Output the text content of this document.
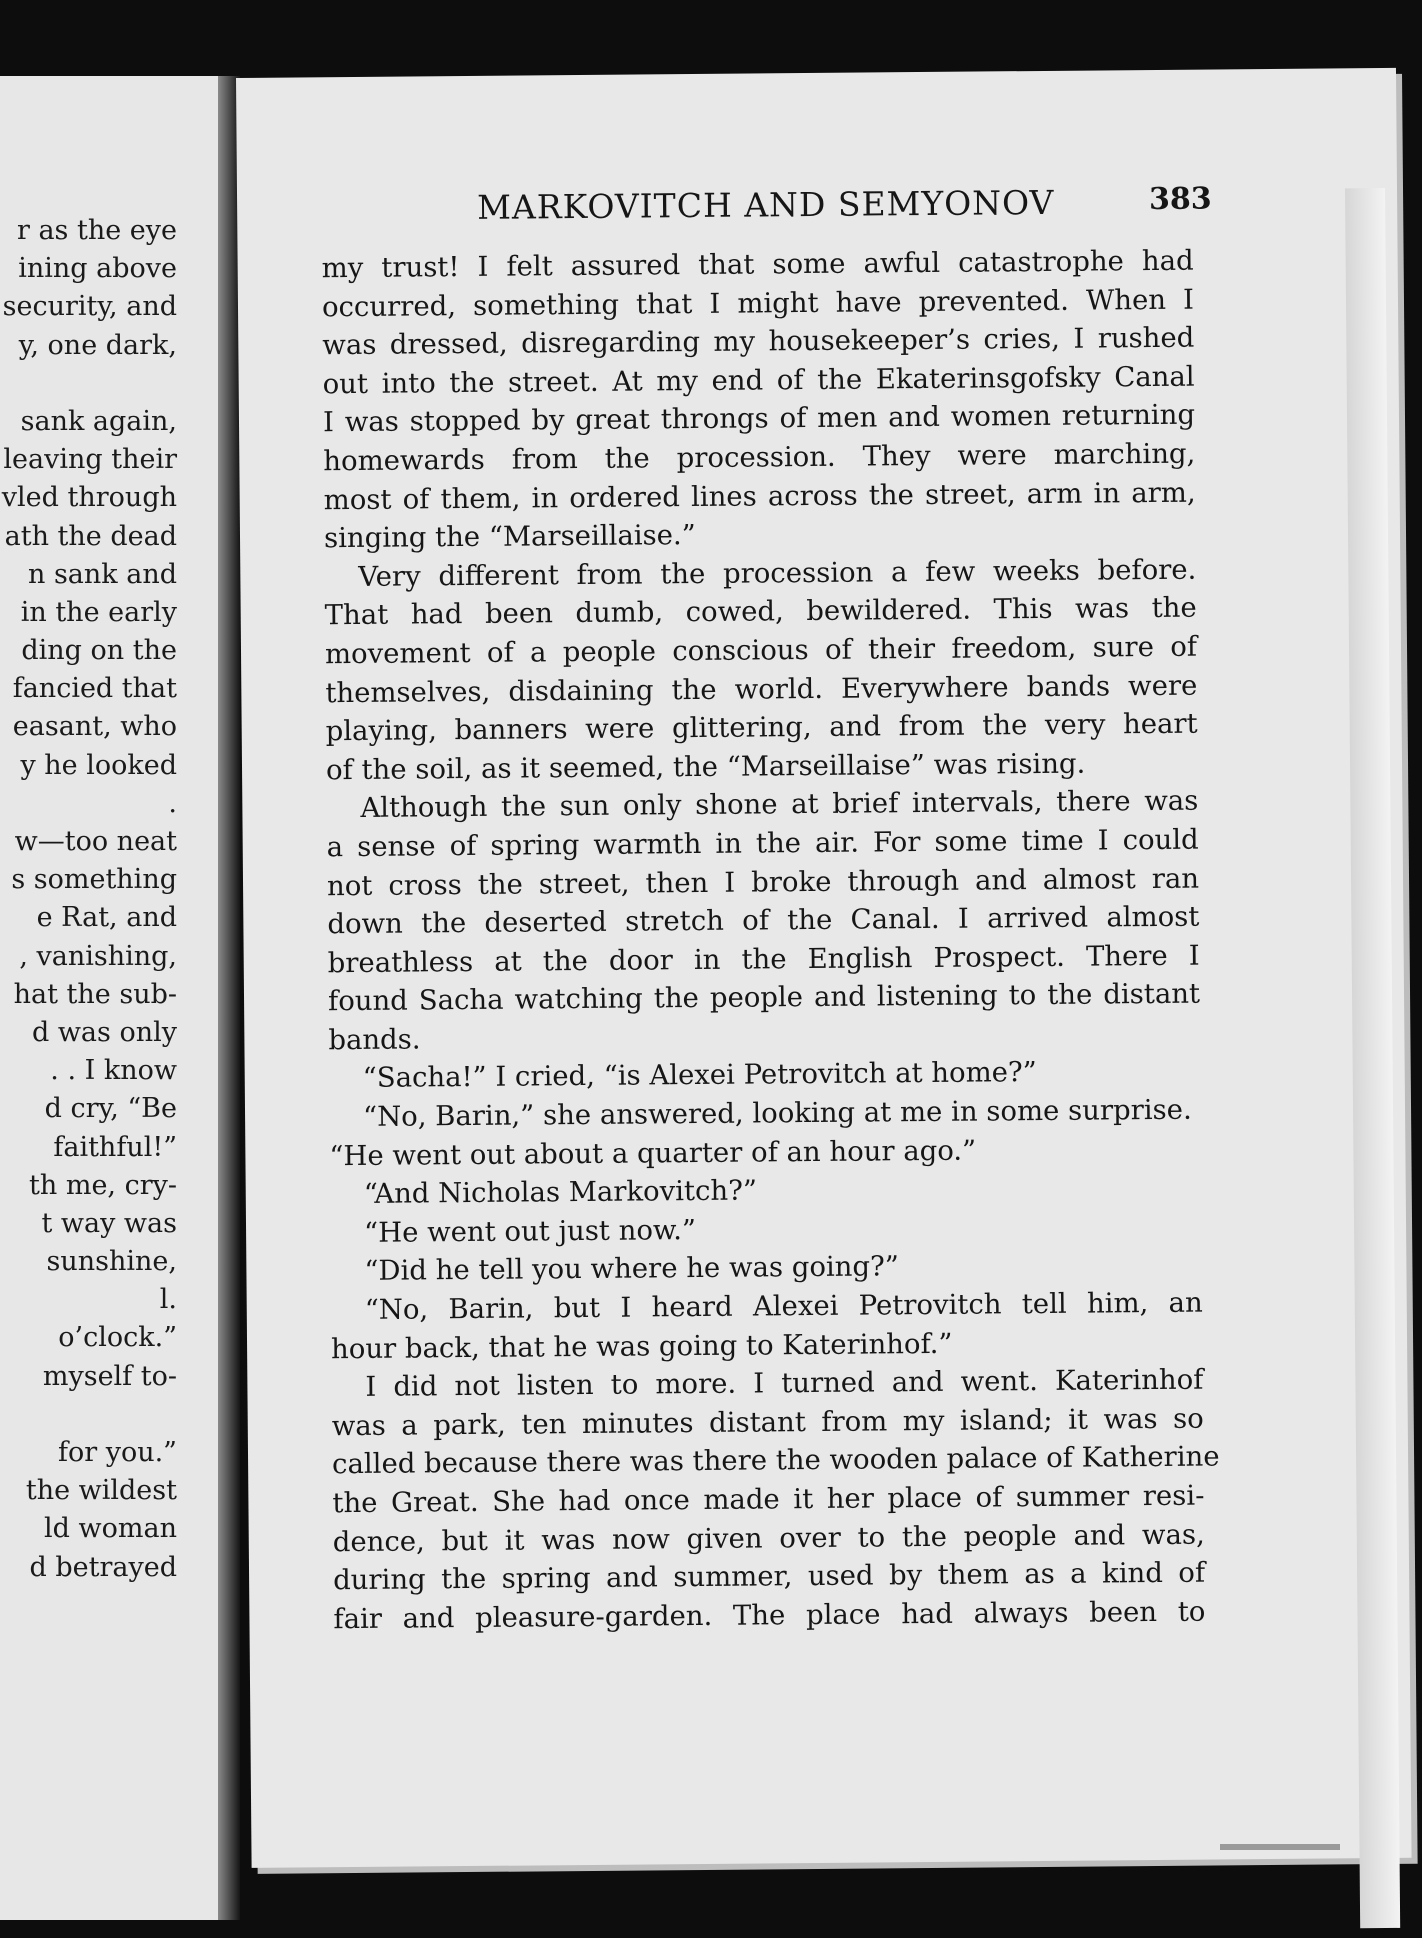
r as the eye
ining above
security, and
y, one dark,
sank again,
leaving their
vled through
ath the dead
n sank and
in the early
ding on the
fancied that
easant, who
y he looked
.
w—too neat
s something
e Rat, and
, vanishing,
hat the sub-
d was only
. . I know
d cry, “Be
faithful!”
th me, cry-
t way was
sunshine,
l.
o’clock.”
myself to-
for you.”
the wildest
ld woman
d betrayed
MARKOVITCH AND SEMYONOV	383
my trust! I felt assured that some awful catastrophe had
occurred, something that I might have prevented. When I
was dressed, disregarding my housekeeper’s cries, I rushed
out into the street. At my end of the Ekaterinsgofsky Canal
I was stopped by great throngs of men and women returning
homewards from the procession. They were marching,
most of them, in ordered lines across the street, arm in arm,
singing the “Marseillaise.”
Very different from the procession a few weeks before.
That had been dumb, cowed, bewildered. This was the
movement of a people conscious of their freedom, sure of
themselves, disdaining the world. Everywhere bands were
playing, banners were glittering, and from the very heart
of the soil, as it seemed, the “Marseillaise” was rising.
Although the sun only shone at brief intervals, there was
a sense of spring warmth in the air. For some time I could
not cross the street, then I broke through and almost ran
down the deserted stretch of the Canal. I arrived almost
breathless at the door in the English Prospect. There I
found Sacha watching the people and listening to the distant
bands.
“Sacha!” I cried, “is Alexei Petrovitch at home?”
“No, Barin,” she answered, looking at me in some surprise.
“He went out about a quarter of an hour ago.”
“And Nicholas Markovitch?”
“He went out just now.”
“Did he tell you where he was going?”
“No, Barin, but I heard Alexei Petrovitch tell him, an
hour back, that he was going to Katerinhof.”
I did not listen to more. I turned and went. Katerinhof
was a park, ten minutes distant from my island; it was so
called because there was there the wooden palace of Katherine
the Great. She had once made it her place of summer resi-
dence, but it was now given over to the people and was,
during the spring and summer, used by them as a kind of
fair and pleasure-garden. The place had always been to
